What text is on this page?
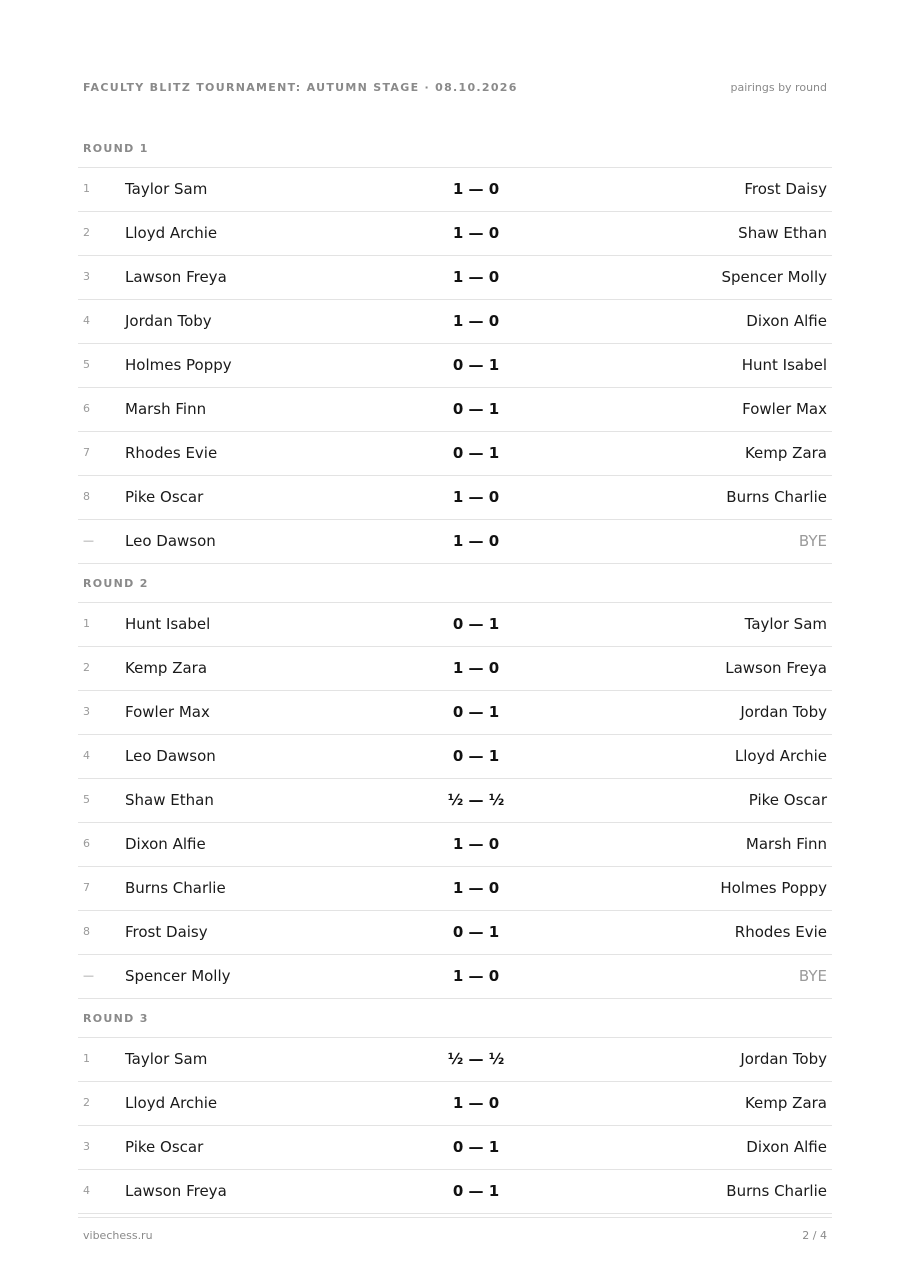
FACULTY BLITZ TOURNAMENT: AUTUMN STAGE · 08.10.2026	pairings by round
ROUND 1
1 Taylor Sam	1 — 0	Frost Daisy
2 Lloyd Archie	1 — 0	Shaw Ethan
3 Lawson Freya	1 — 0	Spencer Molly
4 Jordan Toby	1 — 0	Dixon Alfie
5 Holmes Poppy	0 — 1	Hunt Isabel
6 Marsh Finn	0 — 1	Fowler Max
7 Rhodes Evie	0 — 1	Kemp Zara
8 Pike Oscar	1 — 0	Burns Charlie
— Leo Dawson	1 — 0	BYE
ROUND 2
1 Hunt Isabel	0 — 1	Taylor Sam
2 Kemp Zara	1 — 0	Lawson Freya
3 Fowler Max	0 — 1	Jordan Toby
4 Leo Dawson	0 — 1	Lloyd Archie
5 Shaw Ethan	½ — ½	Pike Oscar
6 Dixon Alfie	1 — 0	Marsh Finn
7 Burns Charlie	1 — 0	Holmes Poppy
8 Frost Daisy	0 — 1	Rhodes Evie
— Spencer Molly	1 — 0	BYE
ROUND 3
1 Taylor Sam	½ — ½	Jordan Toby
2 Lloyd Archie	1 — 0	Kemp Zara
3 Pike Oscar	0 — 1	Dixon Alfie
4 Lawson Freya	0 — 1	Burns Charlie
vibechess.ru	2 / 4
